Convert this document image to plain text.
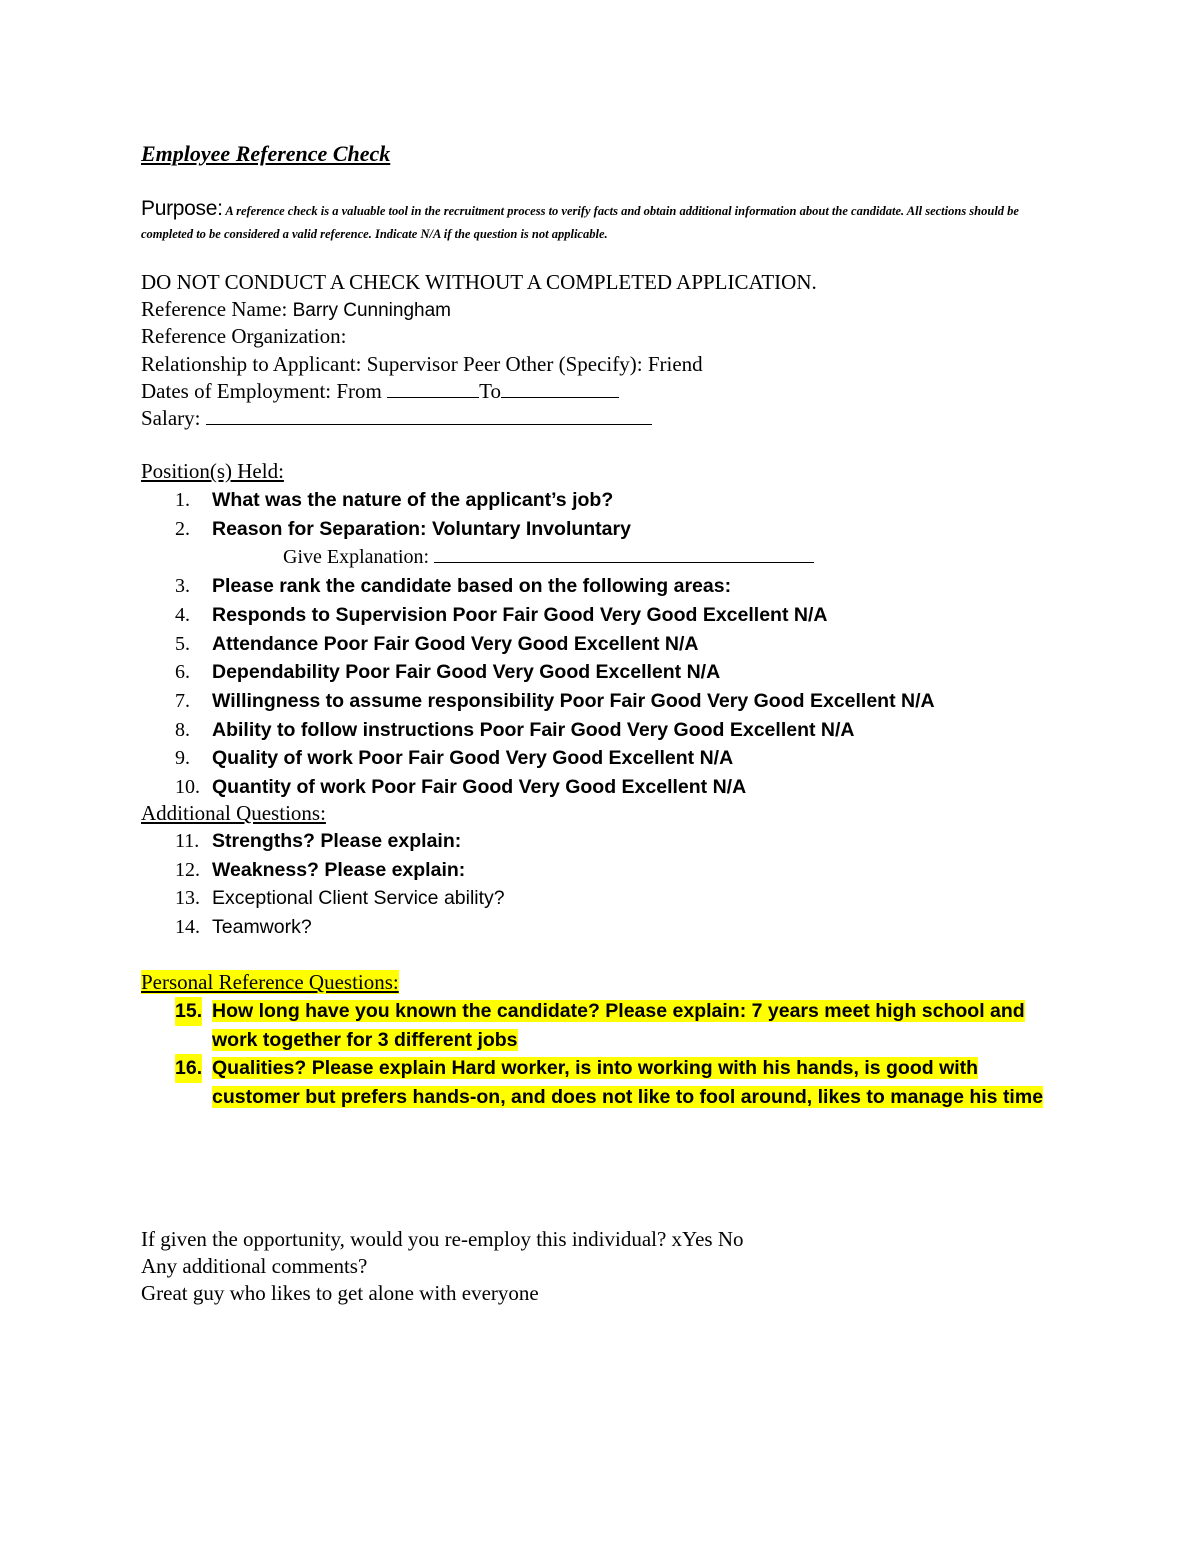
Employee Reference Check
Purpose: A reference check is a valuable tool in the recruitment process to verify facts and obtain additional information about the candidate. All sections should be completed to be considered a valid reference. Indicate N/A if the question is not applicable.
DO NOT CONDUCT A CHECK WITHOUT A COMPLETED APPLICATION.
Reference Name: Barry Cunningham
Reference Organization:
Relationship to Applicant: Supervisor Peer Other (Specify): Friend
Dates of Employment: From	To
Salary:
Position(s) Held:
1.	What was the nature of the applicant’s job?
2.	Reason for Separation: Voluntary Involuntary
Give Explanation:
3.	Please rank the candidate based on the following areas:
4.	Responds to Supervision Poor Fair Good Very Good Excellent N/A
5.	Attendance Poor Fair Good Very Good Excellent N/A
6.	Dependability Poor Fair Good Very Good Excellent N/A
7.	Willingness to assume responsibility Poor Fair Good Very Good Excellent N/A
8.	Ability to follow instructions Poor Fair Good Very Good Excellent N/A
9.	Quality of work Poor Fair Good Very Good Excellent N/A
10. Quantity of work Poor Fair Good Very Good Excellent N/A
Additional Questions:
11. Strengths? Please explain:
12. Weakness? Please explain:
13. Exceptional Client Service ability?
14. Teamwork?
Personal Reference Questions:
15. How long have you known the candidate? Please explain: 7 years meet high school and work together for 3 different jobs
16. Qualities? Please explain Hard worker, is into working with his hands, is good with customer but prefers hands-on, and does not like to fool around, likes to manage his time
If given the opportunity, would you re-employ this individual? xYes No
Any additional comments?
Great guy who likes to get alone with everyone
